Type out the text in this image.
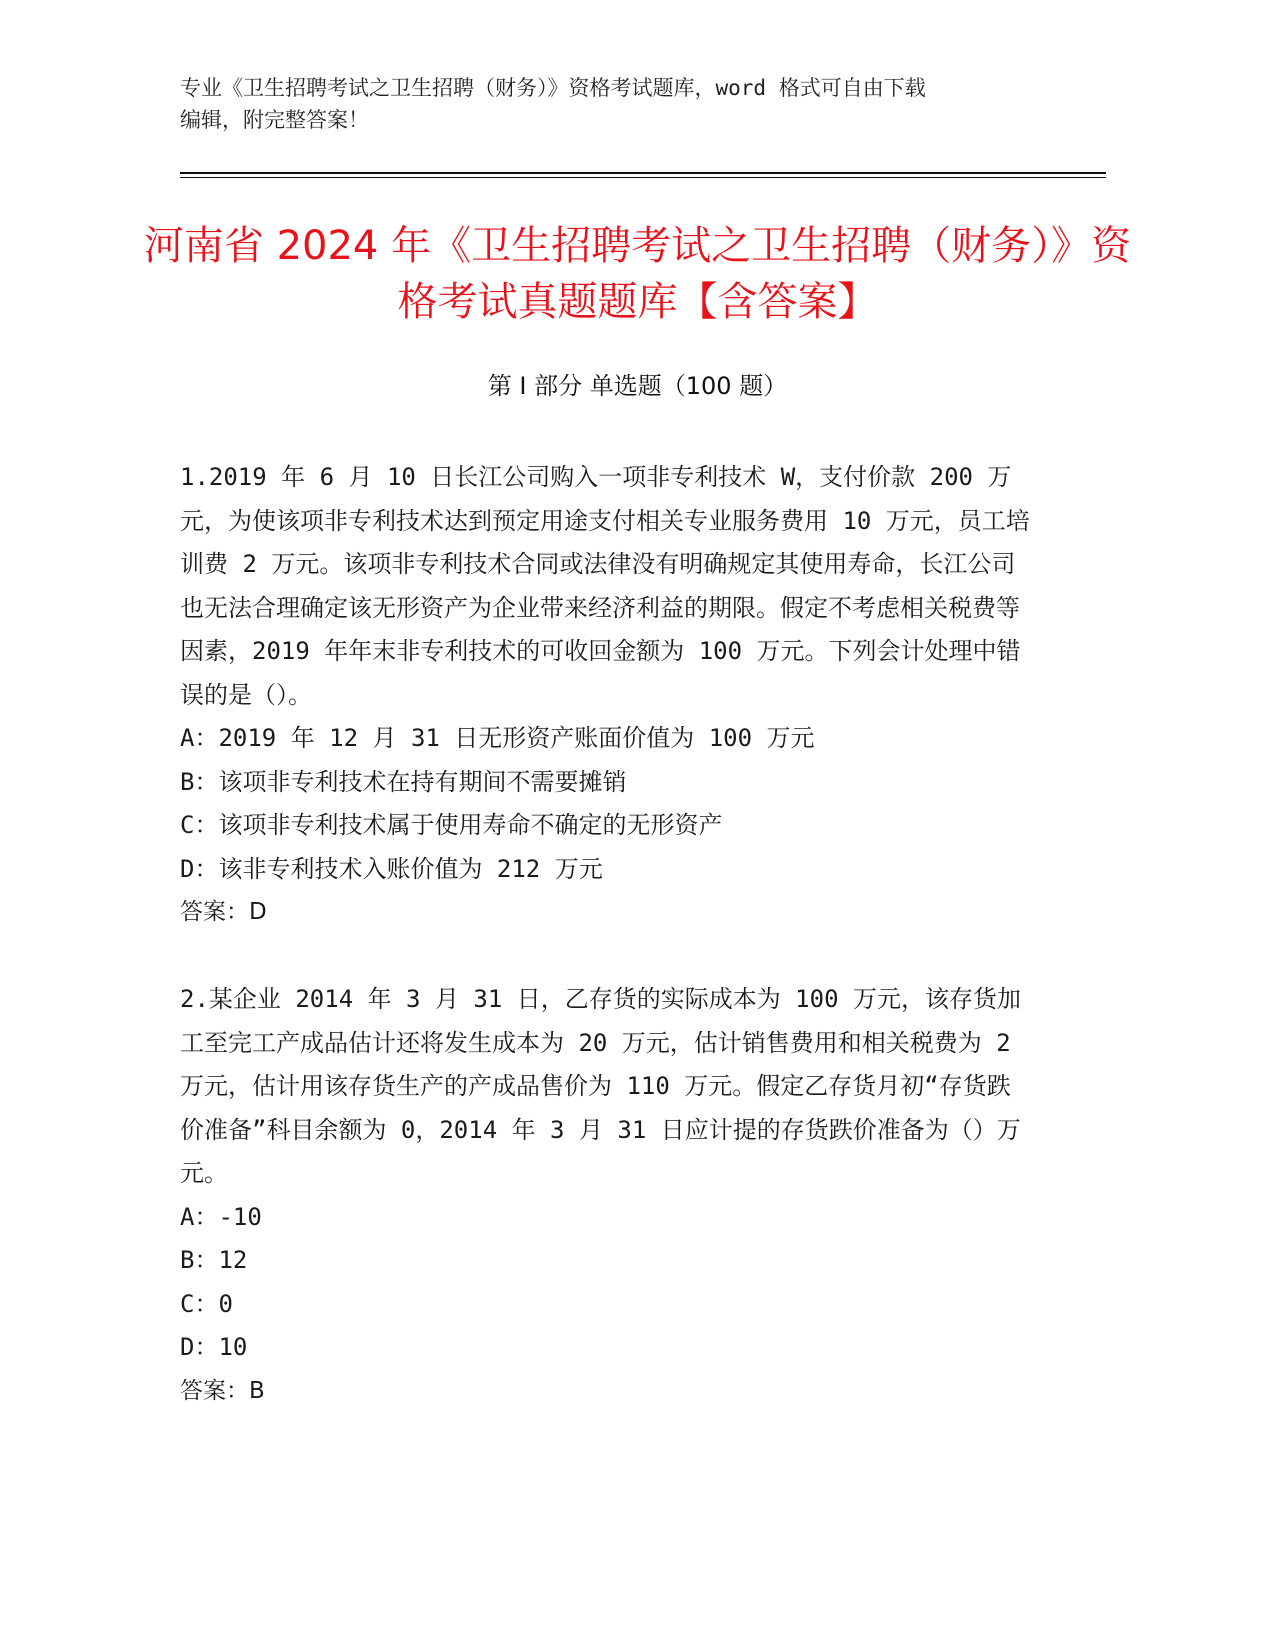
专业《卫生招聘考试之卫生招聘（财务）》资格考试题库，word 格式可自由下载
编辑，附完整答案！
河南省 2024 年《卫生招聘考试之卫生招聘（财务）》资格考试真题题库【含答案】
第 I 部分 单选题（100 题）

1.2019 年 6 月 10 日长江公司购入一项非专利技术 W，支付价款 200 万元，为使该项非专利技术达到预定用途支付相关专业服务费用 10 万元，员工培训费 2 万元。该项非专利技术合同或法律没有明确规定其使用寿命，长江公司也无法合理确定该无形资产为企业带来经济利益的期限。假定不考虑相关税费等因素，2019 年年末非专利技术的可收回金额为 100 万元。下列会计处理中错误的是（）。

A：2019 年 12 月 31 日无形资产账面价值为 100 万元

B：该项非专利技术在持有期间不需要摊销

C：该项非专利技术属于使用寿命不确定的无形资产

D：该非专利技术入账价值为 212 万元

答案：D

2.某企业 2014 年 3 月 31 日，乙存货的实际成本为 100 万元，该存货加工至完工产成品估计还将发生成本为 20 万元，估计销售费用和相关税费为 2 万元，估计用该存货生产的产成品售价为 110 万元。假定乙存货月初“存货跌价准备”科目余额为 0，2014 年 3 月 31 日应计提的存货跌价准备为（）万元。

A：-10

B：12

C：0

D：10

答案：B
